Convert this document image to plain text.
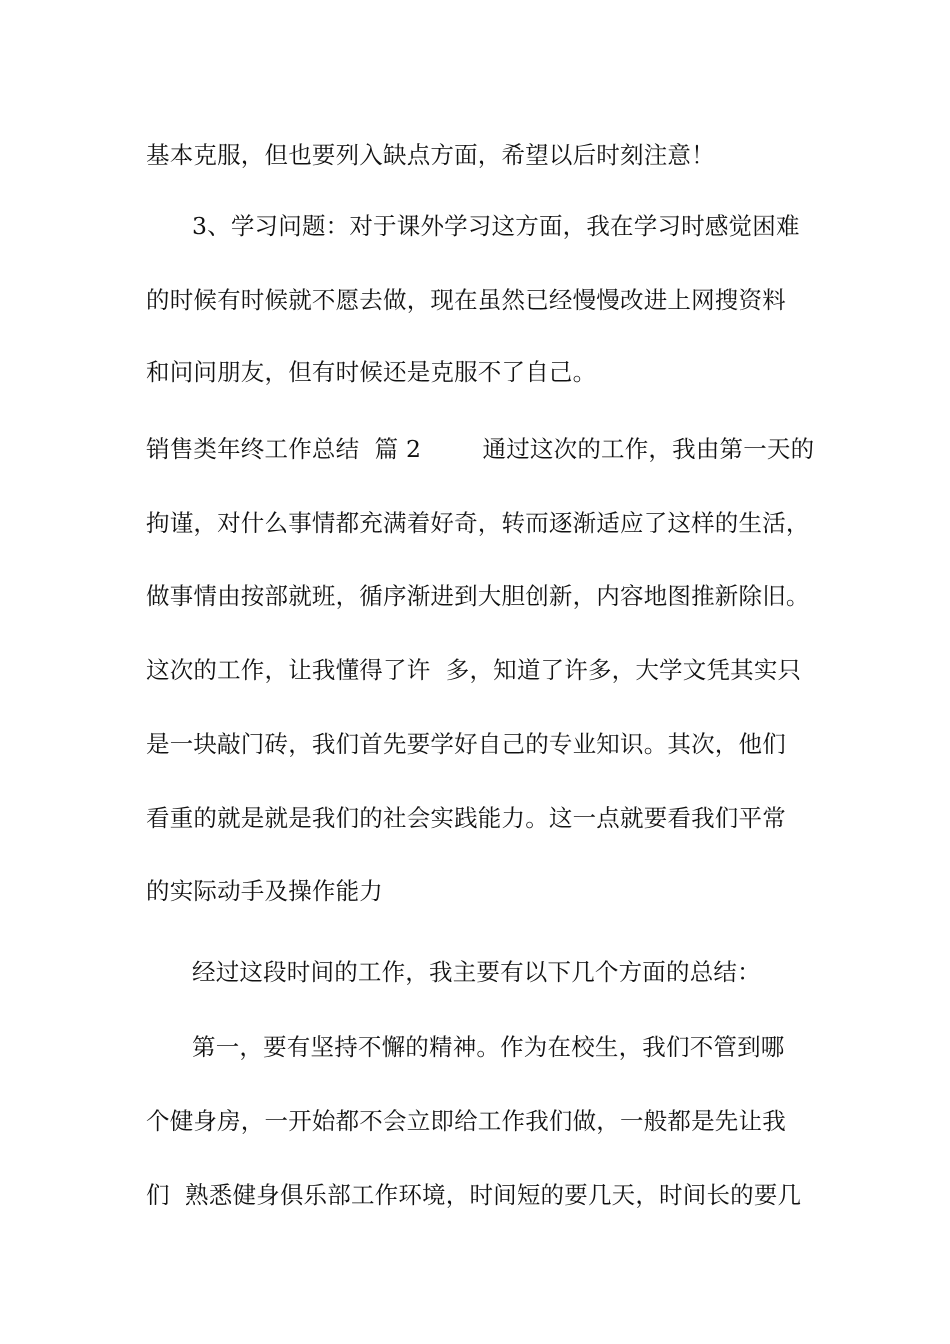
基本克服，但也要列入缺点方面，希望以后时刻注意！
3、学习问题：对于课外学习这方面，我在学习时感觉困难
的时候有时候就不愿去做，现在虽然已经慢慢改进上网搜资料
和问问朋友，但有时候还是克服不了自己。
销售类年终工作总结  篇 2        通过这次的工作，我由第一天的
拘谨，对什么事情都充满着好奇，转而逐渐适应了这样的生活，
做事情由按部就班，循序渐进到大胆创新，内容地图推新除旧。
这次的工作，让我懂得了许  多，知道了许多，大学文凭其实只
是一块敲门砖，我们首先要学好自己的专业知识。其次，他们
看重的就是就是我们的社会实践能力。这一点就要看我们平常
的实际动手及操作能力
经过这段时间的工作，我主要有以下几个方面的总结：
第一，要有坚持不懈的精神。作为在校生，我们不管到哪
个健身房，一开始都不会立即给工作我们做，一般都是先让我
们  熟悉健身俱乐部工作环境，时间短的要几天，时间长的要几
